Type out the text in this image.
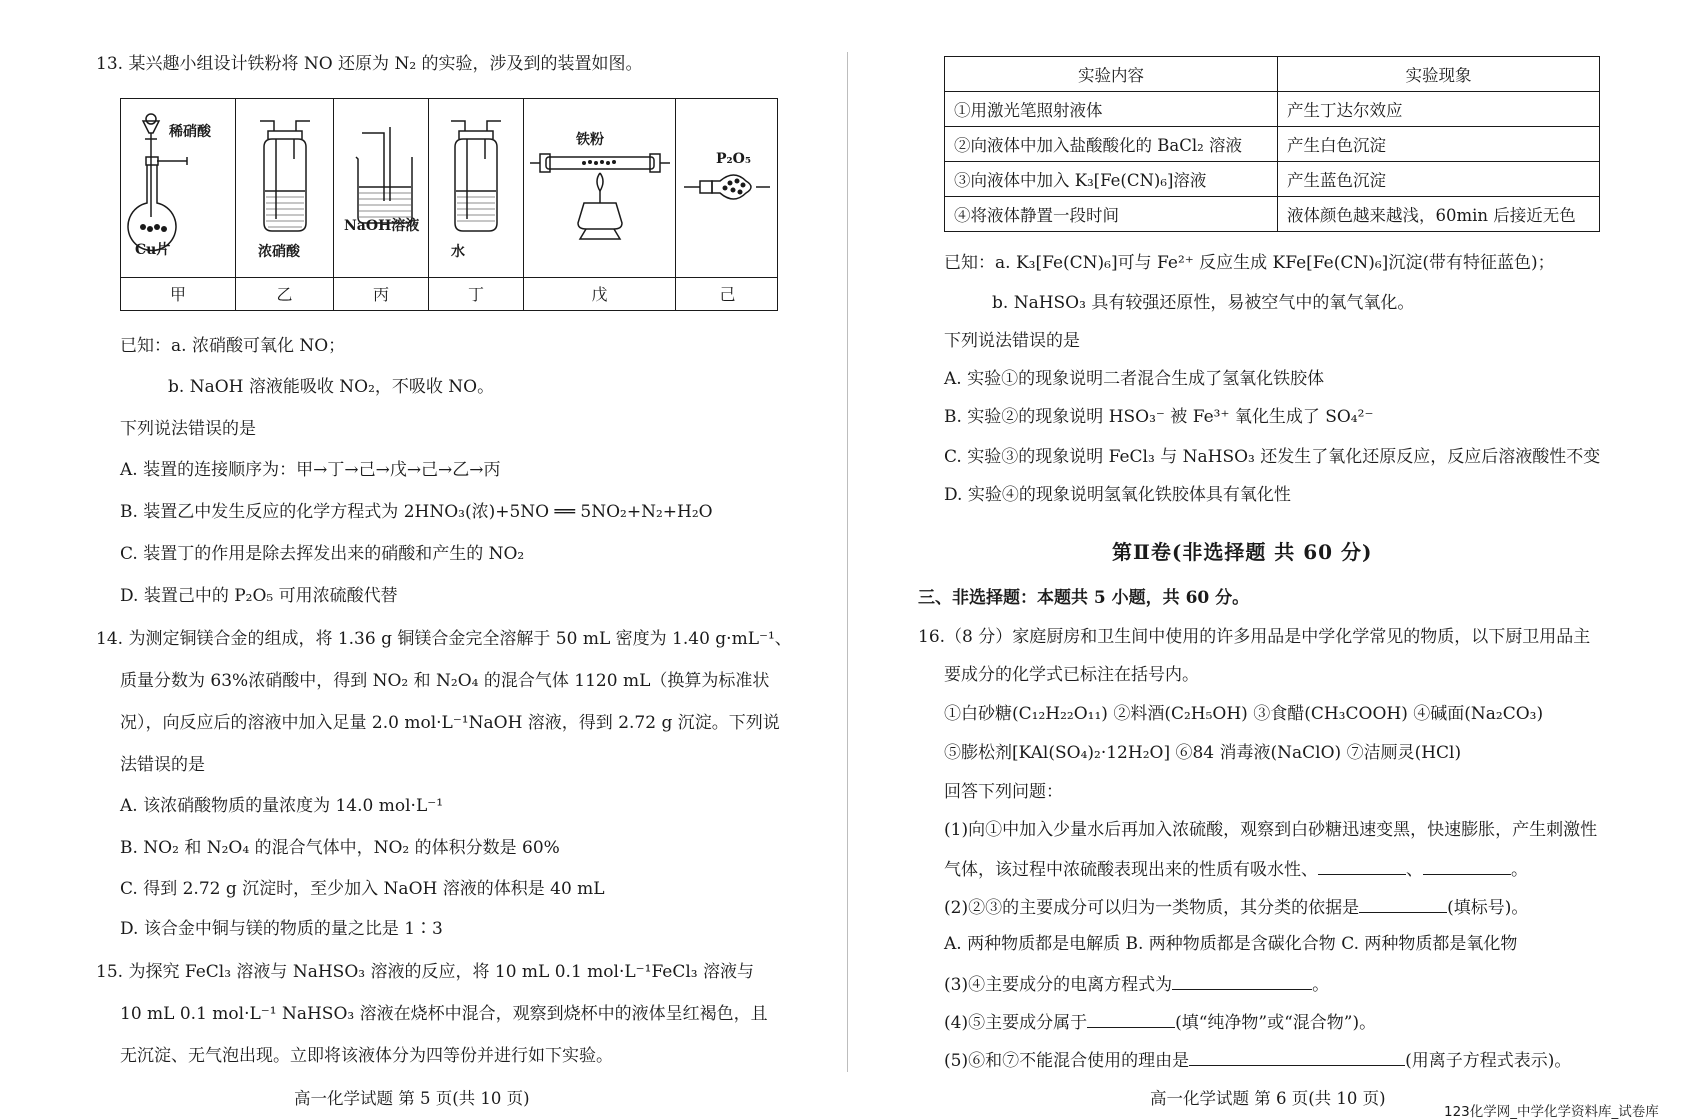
13. 某兴趣小组设计铁粉将 NO 还原为 N₂ 的实验，涉及到的装置如图。
稀硝酸
Cu片	浓硝酸
NaOH溶液
水
铁粉
P₂O₅
甲	乙	丙	丁	戊	己
已知：a. 浓硝酸可氧化 NO；
b. NaOH 溶液能吸收 NO₂，不吸收 NO。
下列说法错误的是
A. 装置的连接顺序为：甲→丁→己→戊→己→乙→丙
B. 装置乙中发生反应的化学方程式为 2HNO₃(浓)+5NO ══ 5NO₂+N₂+H₂O
C. 装置丁的作用是除去挥发出来的硝酸和产生的 NO₂
D. 装置己中的 P₂O₅ 可用浓硫酸代替
14. 为测定铜镁合金的组成，将 1.36 g 铜镁合金完全溶解于 50 mL 密度为 1.40 g·mL⁻¹、
质量分数为 63%浓硝酸中，得到 NO₂ 和 N₂O₄ 的混合气体 1120 mL（换算为标准状
况），向反应后的溶液中加入足量 2.0 mol·L⁻¹NaOH 溶液，得到 2.72 g 沉淀。下列说
法错误的是
A. 该浓硝酸物质的量浓度为 14.0 mol·L⁻¹
B. NO₂ 和 N₂O₄ 的混合气体中，NO₂ 的体积分数是 60%
C. 得到 2.72 g 沉淀时，至少加入 NaOH 溶液的体积是 40 mL
D. 该合金中铜与镁的物质的量之比是 1∶3
15. 为探究 FeCl₃ 溶液与 NaHSO₃ 溶液的反应，将 10 mL 0.1 mol·L⁻¹FeCl₃ 溶液与
10 mL 0.1 mol·L⁻¹ NaHSO₃ 溶液在烧杯中混合，观察到烧杯中的液体呈红褐色，且
无沉淀、无气泡出现。立即将该液体分为四等份并进行如下实验。
高一化学试题 第 5 页(共 10 页)
实验内容	实验现象
①用激光笔照射液体	产生丁达尔效应
②向液体中加入盐酸酸化的 BaCl₂ 溶液	产生白色沉淀
③向液体中加入 K₃[Fe(CN)₆]溶液	产生蓝色沉淀
④将液体静置一段时间	液体颜色越来越浅，60min 后接近无色
已知：a. K₃[Fe(CN)₆]可与 Fe²⁺ 反应生成 KFe[Fe(CN)₆]沉淀(带有特征蓝色)；
b. NaHSO₃ 具有较强还原性，易被空气中的氧气氧化。
下列说法错误的是
A. 实验①的现象说明二者混合生成了氢氧化铁胶体
B. 实验②的现象说明 HSO₃⁻ 被 Fe³⁺ 氧化生成了 SO₄²⁻
C. 实验③的现象说明 FeCl₃ 与 NaHSO₃ 还发生了氧化还原反应，反应后溶液酸性不变
D. 实验④的现象说明氢氧化铁胶体具有氧化性
第Ⅱ卷(非选择题 共 60 分)
三、非选择题：本题共 5 小题，共 60 分。
16.（8 分）家庭厨房和卫生间中使用的许多用品是中学化学常见的物质，以下厨卫用品主
要成分的化学式已标注在括号内。
①白砂糖(C₁₂H₂₂O₁₁) ②料酒(C₂H₅OH) ③食醋(CH₃COOH) ④碱面(Na₂CO₃)
⑤膨松剂[KAl(SO₄)₂·12H₂O] ⑥84 消毒液(NaClO) ⑦洁厕灵(HCl)
回答下列问题：
(1)向①中加入少量水后再加入浓硫酸，观察到白砂糖迅速变黑，快速膨胀，产生刺激性
气体，该过程中浓硫酸表现出来的性质有吸水性、	、	。
(2)②③的主要成分可以归为一类物质，其分类的依据是	(填标号)。
A. 两种物质都是电解质 B. 两种物质都是含碳化合物 C. 两种物质都是氧化物
(3)④主要成分的电离方程式为	。
(4)⑤主要成分属于	(填“纯净物”或“混合物”)。
(5)⑥和⑦不能混合使用的理由是	(用离子方程式表示)。
高一化学试题 第 6 页(共 10 页)
123化学网_中学化学资料库_试卷库
